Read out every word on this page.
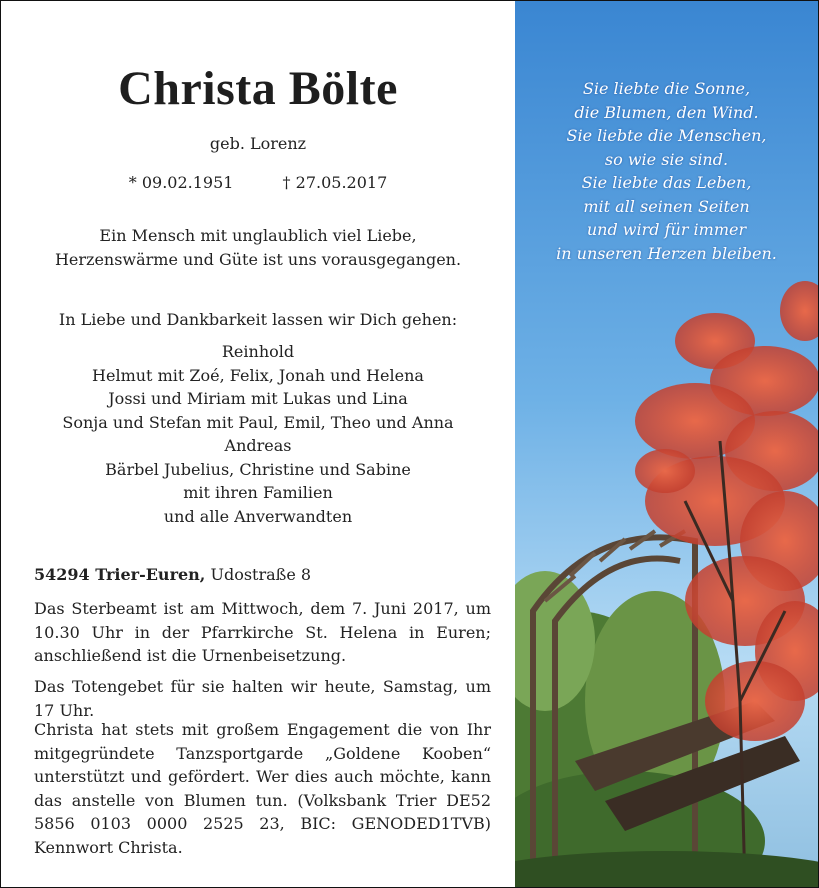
Christa Bölte
geb. Lorenz
* 09.02.1951	† 27.05.2017
Ein Mensch mit unglaublich viel Liebe,
Herzenswärme und Güte ist uns vorausgegangen.
In Liebe und Dankbarkeit lassen wir Dich gehen:
Reinhold
Helmut mit Zoé, Felix, Jonah und Helena
Jossi und Miriam mit Lukas und Lina
Sonja und Stefan mit Paul, Emil, Theo und Anna
Andreas
Bärbel Jubelius, Christine und Sabine
mit ihren Familien
und alle Anverwandten

54294 Trier-Euren, Udostraße 8

Das Sterbeamt ist am Mittwoch, dem 7. Juni 2017, um 10.30 Uhr in der Pfarrkirche St. Helena in Euren; anschließend ist die Urnenbeisetzung.

Das Totengebet für sie halten wir heute, Samstag, um 17 Uhr.

Christa hat stets mit großem Engagement die von Ihr mitgegründete Tanzsportgarde „Goldene Kooben“ unterstützt und gefördert. Wer dies auch möchte, kann das anstelle von Blumen tun. (Volksbank Trier DE52 5856 0103 0000 2525 23, BIC: GENODED1TVB) Kennwort Christa.

Sie liebte die Sonne,
die Blumen, den Wind.
Sie liebte die Menschen,
so wie sie sind.
Sie liebte das Leben,
mit all seinen Seiten
und wird für immer
in unseren Herzen bleiben.
